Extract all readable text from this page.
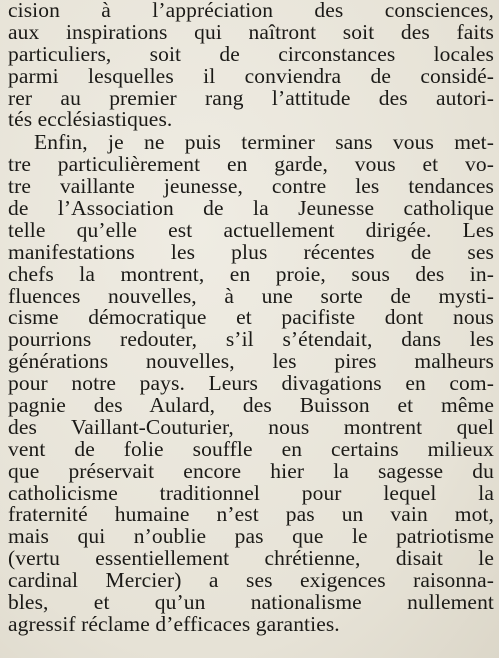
cision à l’appréciation des consciences,
aux inspirations qui naîtront soit des faits
particuliers, soit de circonstances locales
parmi lesquelles il conviendra de considé-
rer au premier rang l’attitude des autori-
tés ecclésiastiques.
Enfin, je ne puis terminer sans vous met-
tre particulièrement en garde, vous et vo-
tre vaillante jeunesse, contre les tendances
de l’Association de la Jeunesse catholique
telle qu’elle est actuellement dirigée. Les
manifestations les plus récentes de ses
chefs la montrent, en proie, sous des in-
fluences nouvelles, à une sorte de mysti-
cisme démocratique et pacifiste dont nous
pourrions redouter, s’il s’étendait, dans les
générations nouvelles, les pires malheurs
pour notre pays. Leurs divagations en com-
pagnie des Aulard, des Buisson et même
des Vaillant-Couturier, nous montrent quel
vent de folie souffle en certains milieux
que préservait encore hier la sagesse du
catholicisme traditionnel pour lequel la
fraternité humaine n’est pas un vain mot,
mais qui n’oublie pas que le patriotisme
(vertu essentiellement chrétienne, disait le
cardinal Mercier) a ses exigences raisonna-
bles, et qu’un nationalisme nullement
agressif réclame d’efficaces garanties.
